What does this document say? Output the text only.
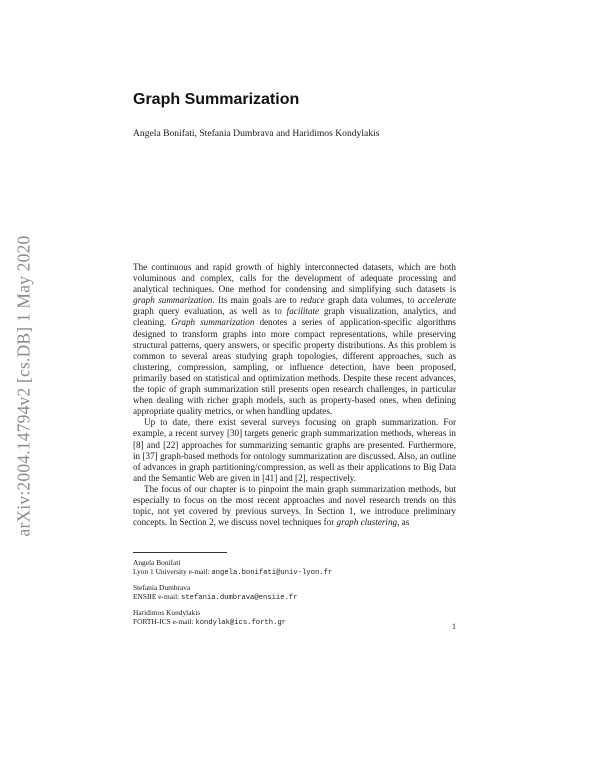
arXiv:2004.14794v2 [cs.DB] 1 May 2020
Graph Summarization
Angela Bonifati, Stefania Dumbrava and Haridimos Kondylakis

The continuous and rapid growth of highly interconnected datasets, which are both voluminous and complex, calls for the development of adequate processing and analytical techniques. One method for condensing and simplifying such datasets is graph summarization. Its main goals are to reduce graph data volumes, to accelerate graph query evaluation, as well as to facilitate graph visualization, analytics, and cleaning. Graph summarization denotes a series of application-specific algorithms designed to transform graphs into more compact representations, while preserving structural patterns, query answers, or specific property distributions. As this problem is common to several areas studying graph topologies, different approaches, such as clustering, compression, sampling, or influence detection, have been proposed, primarily based on statistical and optimization methods. Despite these recent advances, the topic of graph summarization still presents open research challenges, in particular when dealing with richer graph models, such as property-based ones, when defining appropriate quality metrics, or when handling updates.

Up to date, there exist several surveys focusing on graph summarization. For example, a recent survey [30] targets generic graph summarization methods, whereas in [8] and [22] approaches for summarizing semantic graphs are presented. Furthermore, in [37] graph-based methods for ontology summarization are discussed. Also, an outline of advances in graph partitioning/compression, as well as their applications to Big Data and the Semantic Web are given in [41] and [2], respectively.

The focus of our chapter is to pinpoint the main graph summarization methods, but especially to focus on the most recent approaches and novel research trends on this topic, not yet covered by previous surveys. In Section 1, we introduce preliminary concepts. In Section 2, we discuss novel techniques for graph clustering, as

Angela Bonifati
Lyon 1 University e-mail: angela.bonifati@univ-lyon.fr
Stefania Dumbrava
ENSIIE e-mail: stefania.dumbrava@ensiie.fr
Haridimos Kondylakis
FORTH-ICS e-mail: kondylak@ics.forth.gr	1
